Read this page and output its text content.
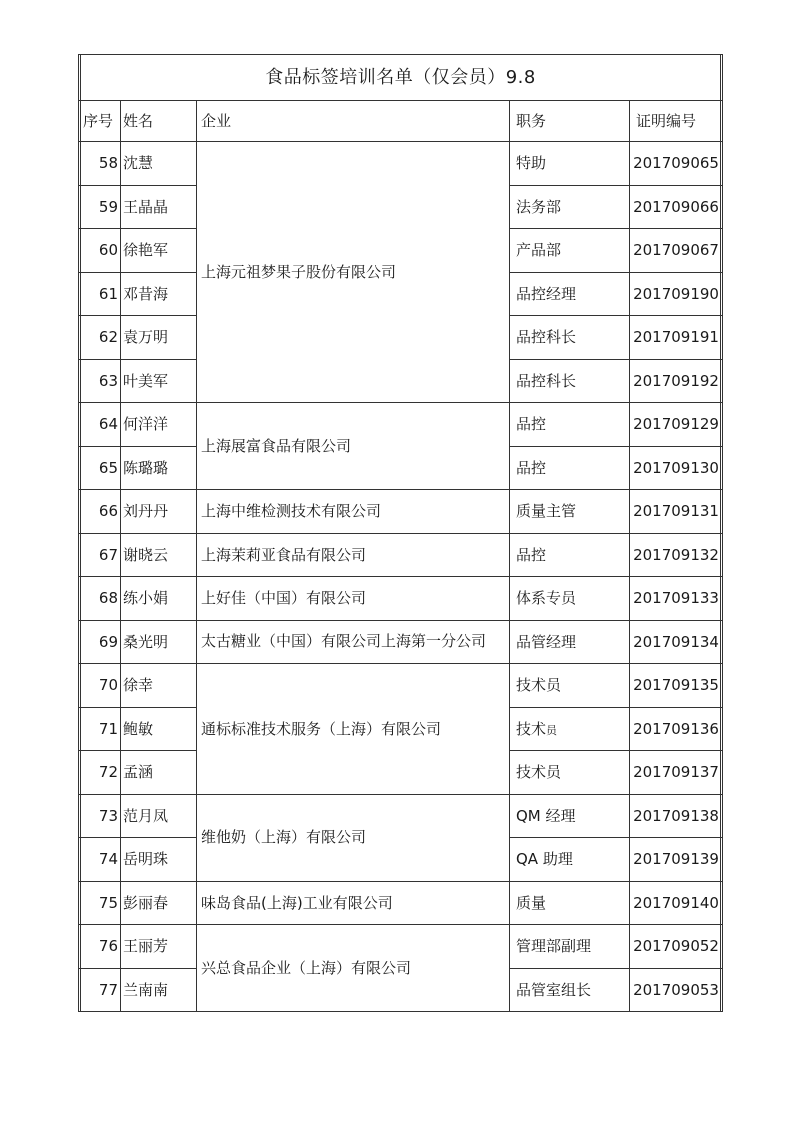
食品标签培训名单（仅会员）9.8				
序号	姓名	企业	职务	证明编号
58	沈慧	上海元祖梦果子股份有限公司	特助	201709065
59	王晶晶		法务部	201709066
60	徐艳军		产品部	201709067
61	邓昔海		品控经理	201709190
62	袁万明		品控科长	201709191
63	叶美军		品控科长	201709192
64	何洋洋	上海展富食品有限公司	品控	201709129
65	陈璐璐		品控	201709130
66	刘丹丹	上海中维检测技术有限公司	质量主管	201709131
67	谢晓云	上海茉莉亚食品有限公司	品控	201709132
68	练小娟	上好佳（中国）有限公司	体系专员	201709133
69	桑光明	太古糖业（中国）有限公司上海第一分公司	品管经理	201709134
70	徐幸	通标标准技术服务（上海）有限公司	技术员	201709135
71	鲍敏		技术员	201709136
72	孟涵		技术员	201709137
73	范月凤	维他奶（上海）有限公司	QM 经理	201709138
74	岳明珠		QA 助理	201709139
75	彭丽春	味岛食品(上海)工业有限公司	质量	201709140
76	王丽芳	兴总食品企业（上海）有限公司	管理部副理	201709052
77	兰南南		品管室组长	201709053
